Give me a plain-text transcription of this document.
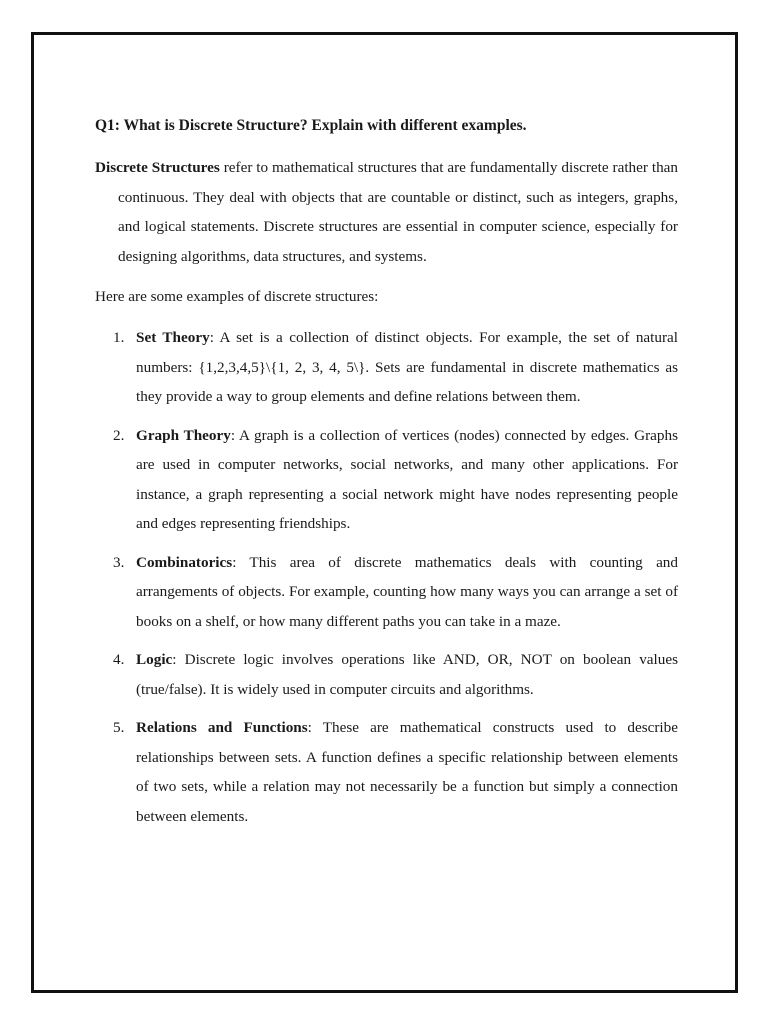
Q1: What is Discrete Structure? Explain with different examples.

Discrete Structures refer to mathematical structures that are fundamentally discrete rather than continuous. They deal with objects that are countable or distinct, such as integers, graphs, and logical statements. Discrete structures are essential in computer science, especially for designing algorithms, data structures, and systems.

Here are some examples of discrete structures:

1. Set Theory: A set is a collection of distinct objects. For example, the set of natural numbers: {1,2,3,4,5}\{1, 2, 3, 4, 5\}. Sets are fundamental in discrete mathematics as they provide a way to group elements and define relations between them.
2. Graph Theory: A graph is a collection of vertices (nodes) connected by edges. Graphs are used in computer networks, social networks, and many other applications. For instance, a graph representing a social network might have nodes representing people and edges representing friendships.
3. Combinatorics: This area of discrete mathematics deals with counting and arrangements of objects. For example, counting how many ways you can arrange a set of books on a shelf, or how many different paths you can take in a maze.
4. Logic: Discrete logic involves operations like AND, OR, NOT on boolean values (true/false). It is widely used in computer circuits and algorithms.
5. Relations and Functions: These are mathematical constructs used to describe relationships between sets. A function defines a specific relationship between elements of two sets, while a relation may not necessarily be a function but simply a connection between elements.
